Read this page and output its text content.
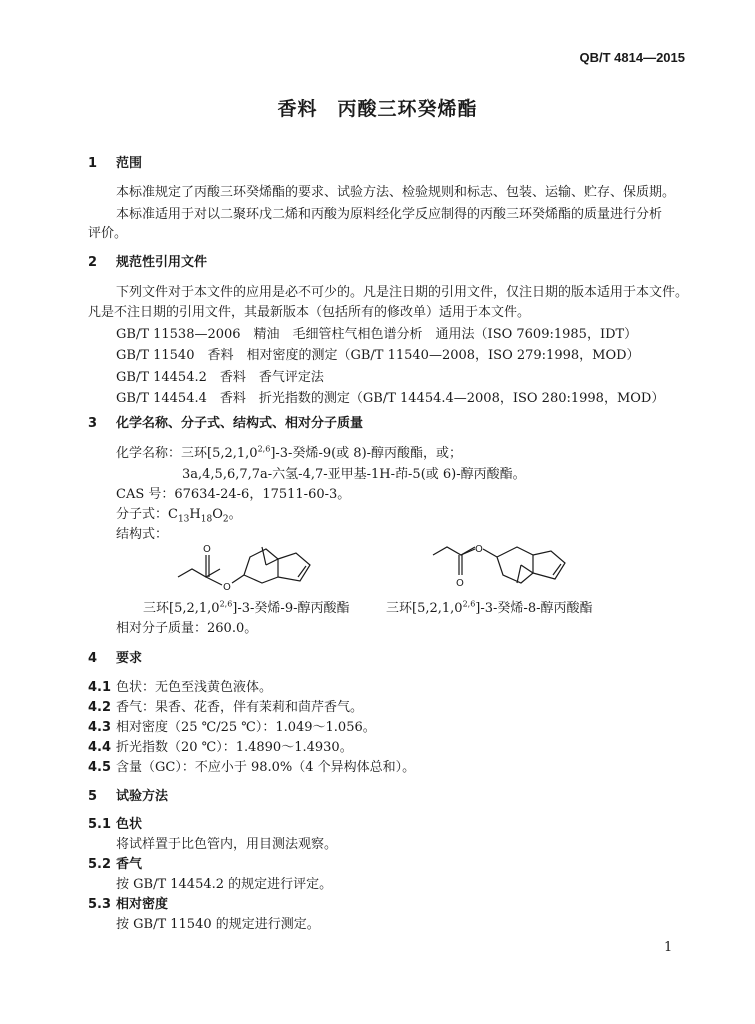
QB/T 4814—2015
香料　丙酸三环癸烯酯
1 范围
本标准规定了丙酸三环癸烯酯的要求、试验方法、检验规则和标志、包装、运输、贮存、保质期。
本标准适用于对以二聚环戊二烯和丙酸为原料经化学反应制得的丙酸三环癸烯酯的质量进行分析
评价。
2 规范性引用文件
下列文件对于本文件的应用是必不可少的。凡是注日期的引用文件，仅注日期的版本适用于本文件。
凡是不注日期的引用文件，其最新版本（包括所有的修改单）适用于本文件。
GB/T 11538—2006　精油　毛细管柱气相色谱分析　通用法（ISO 7609:1985，IDT）
GB/T 11540　香料　相对密度的测定（GB/T 11540—2008，ISO 279:1998，MOD）
GB/T 14454.2　香料　香气评定法
GB/T 14454.4　香料　折光指数的测定（GB/T 14454.4—2008，ISO 280:1998，MOD）
3 化学名称、分子式、结构式、相对分子质量
化学名称：三环[5,2,1,0$^{2,6}$]-3-癸烯-9(或 8)-醇丙酸酯，或；
3a,4,5,6,7,7a-六氢-4,7-亚甲基-1H-茚-5(或 6)-醇丙酸酯。
CAS 号：67634-24-6，17511-60-3。
分子式：$C_{13}H_{18}O_2$。
结构式：
O
O
O
O
三环[5,2,1,0$^{2,6}$]-3-癸烯-9-醇丙酸酯	三环[5,2,1,0$^{2,6}$]-3-癸烯-8-醇丙酸酯
相对分子质量：260.0。
4 要求
4.1 色状：无色至浅黄色液体。
4.2 香气：果香、花香，伴有茉莉和茴芹香气。
4.3 相对密度（25 ℃/25 ℃）：1.049～1.056。
4.4 折光指数（20 ℃）：1.4890～1.4930。
4.5 含量（GC）：不应小于 98.0%（4 个异构体总和）。
5 试验方法
5.1 色状
将试样置于比色管内，用目测法观察。
5.2 香气
按 GB/T 14454.2 的规定进行评定。
5.3 相对密度
按 GB/T 11540 的规定进行测定。
1
